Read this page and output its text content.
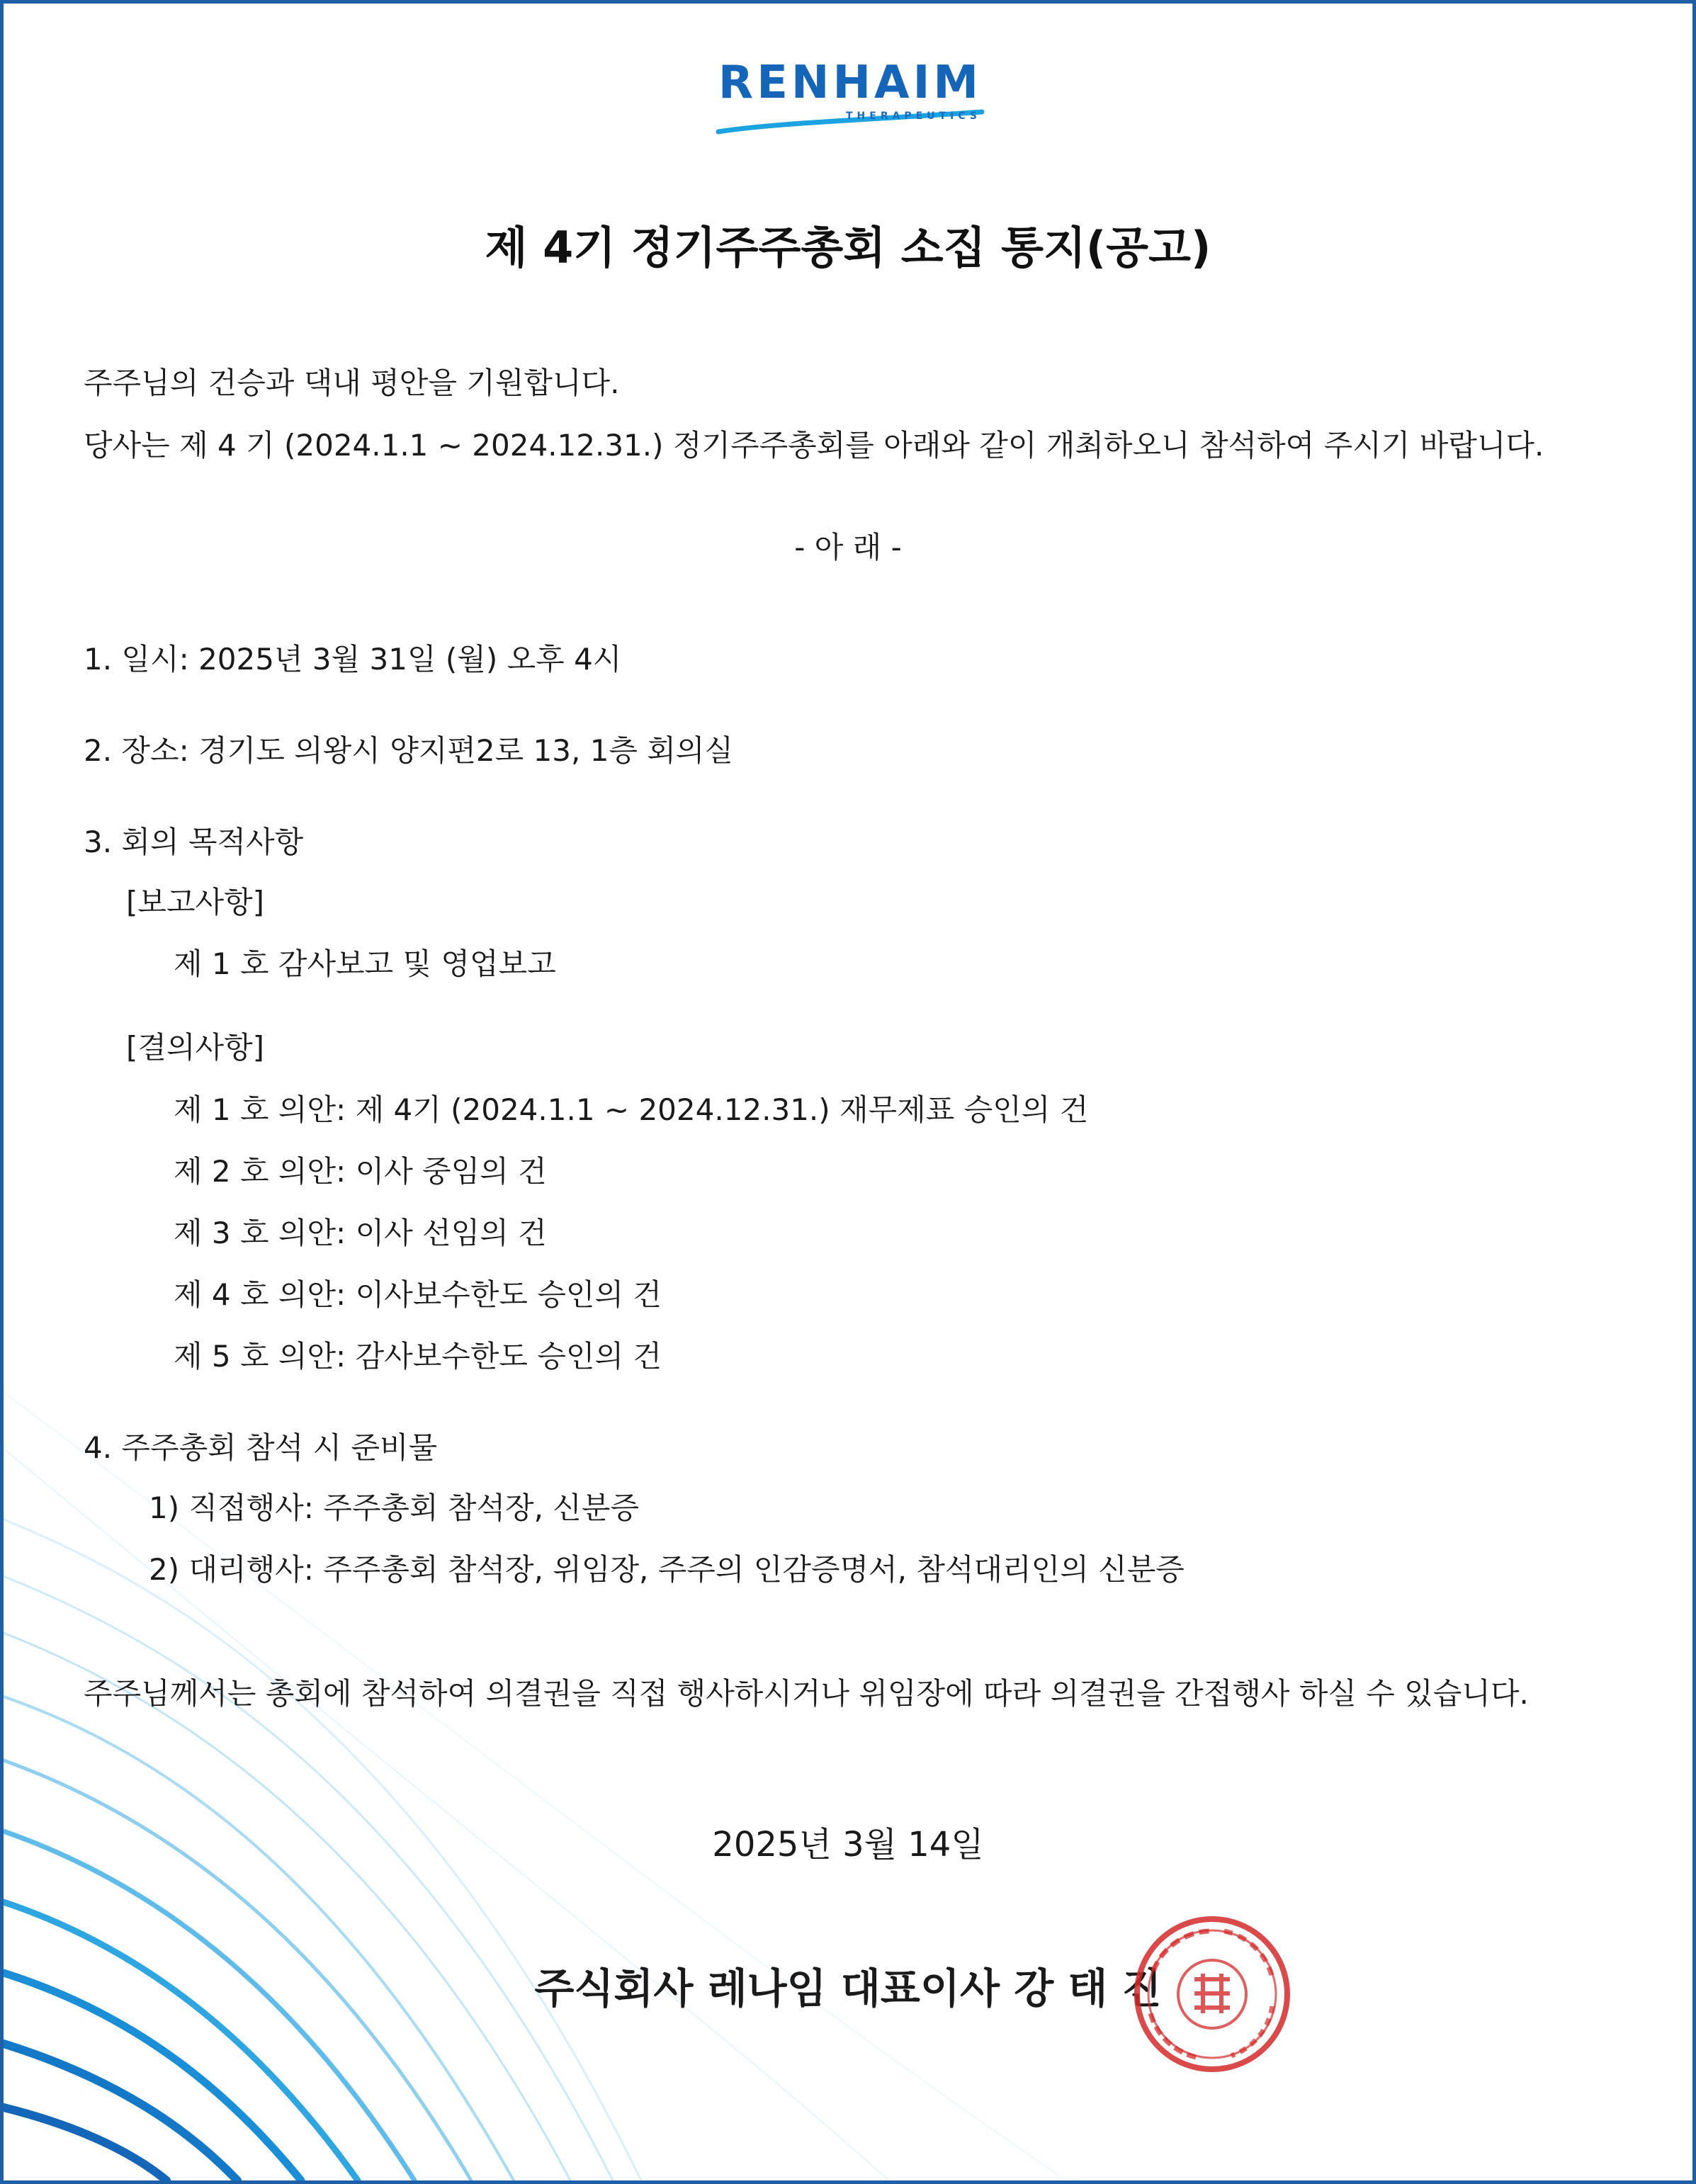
RENHAIM
THERAPEUTICS
제 4기 정기주주총회 소집 통지(공고)

주주님의 건승과 댁내 평안을 기원합니다.

당사는 제 4 기 (2024.1.1 ~ 2024.12.31.) 정기주주총회를 아래와 같이 개최하오니 참석하여 주시기 바랍니다.

- 아 래 -

1. 일시: 2025년 3월 31일 (월) 오후 4시

2. 장소: 경기도 의왕시 양지편2로 13, 1층 회의실

3. 회의 목적사항

[보고사항]

제 1 호 감사보고 및 영업보고

[결의사항]

제 1 호 의안: 제 4기 (2024.1.1 ~ 2024.12.31.) 재무제표 승인의 건

제 2 호 의안: 이사 중임의 건

제 3 호 의안: 이사 선임의 건

제 4 호 의안: 이사보수한도 승인의 건

제 5 호 의안: 감사보수한도 승인의 건

4. 주주총회 참석 시 준비물

1) 직접행사: 주주총회 참석장, 신분증

2) 대리행사: 주주총회 참석장, 위임장, 주주의 인감증명서, 참석대리인의 신분증

주주님께서는 총회에 참석하여 의결권을 직접 행사하시거나 위임장에 따라 의결권을 간접행사 하실 수 있습니다.

2025년 3월 14일

주식회사 레나임 대표이사 강 태 진
